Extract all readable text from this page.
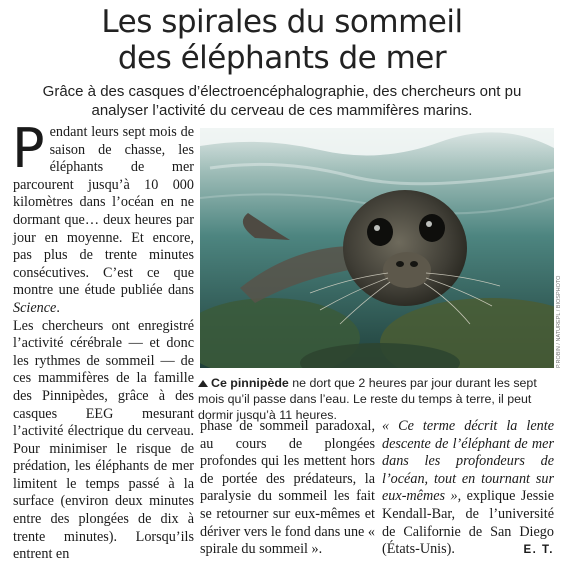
Les spirales du sommeil
des éléphants de mer

Grâce à des casques d’électroencéphalographie, des chercheurs ont pu analyser l’activité du cerveau de ces mammifères marins.

Pendant leurs sept mois de saison de chasse, les éléphants de mer parcourent jusqu’à 10 000 kilomètres dans l’océan en ne dormant que… deux heures par jour en moyenne. Et encore, pas plus de trente minutes consécutives. C’est ce que montre une étude publiée dans Science.
Les chercheurs ont enregistré l’activité cérébrale — et donc les rythmes de sommeil — de ces mammifères de la famille des Pinnipèdes, grâce à des casques EEG mesurant l’activité électrique du cerveau. Pour minimiser le risque de prédation, les éléphants de mer limitent le temps passé à la surface (environ deux minutes entre des plongées de dix à trente minutes). Lorsqu’ils entrent en
P.ROBIN / NATUREPL / BIOSPHOTO
Ce pinnipède ne dort que 2 heures par jour durant les sept mois qu’il passe dans l’eau. Le reste du temps à terre, il peut dormir jusqu’à 11 heures.
phase de sommeil paradoxal, au cours de plongées profondes qui les mettent hors de portée des prédateurs, la paralysie du sommeil les fait se retourner sur eux-mêmes et dériver vers le fond dans une « spirale du sommeil ».
« Ce terme décrit la lente descente de l’éléphant de mer dans les profondeurs de l’océan, tout en tournant sur eux-mêmes », explique Jessie Kendall-Bar, de l’université de Californie de San Diego (États-Unis).	E. T.
